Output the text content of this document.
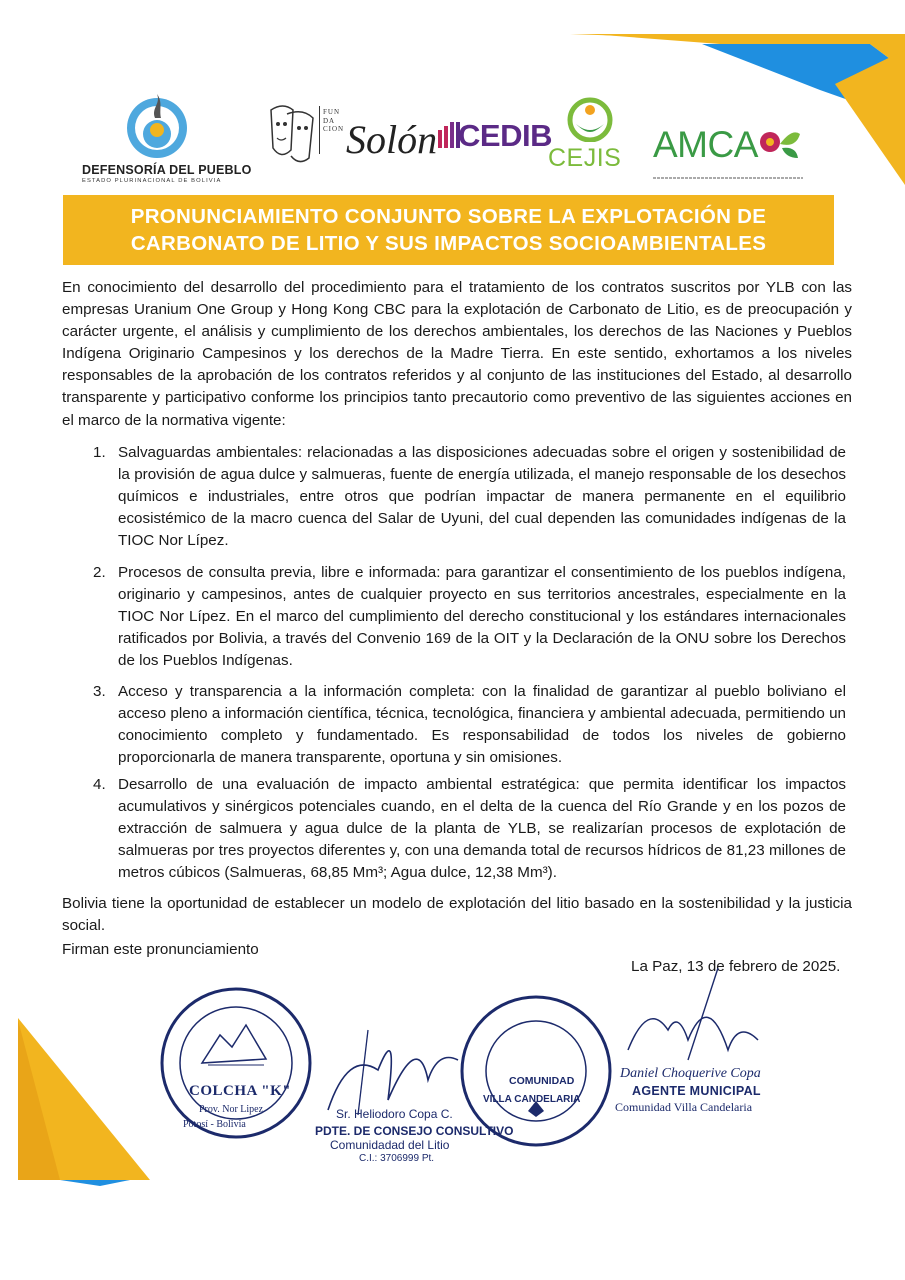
DEFENSORÍA DEL PUEBLO
ESTADO PLURINACIONAL DE BOLIVIA
FUN
DA
CION Solón CEDIB
CEJIS AMCA
PRONUNCIAMIENTO CONJUNTO SOBRE LA EXPLOTACIÓN DE
CARBONATO DE LITIO Y SUS IMPACTOS SOCIOAMBIENTALES
En conocimiento del desarrollo del procedimiento para el tratamiento de los contratos suscritos por YLB con las empresas Uranium One Group y Hong Kong CBC para la explotación de Carbonato de Litio, es de preocupación y carácter urgente, el análisis y cumplimiento de los derechos ambientales, los derechos de las Naciones y Pueblos Indígena Originario Campesinos y los derechos de la Madre Tierra. En este sentido, exhortamos a los niveles responsables de la aprobación de los contratos referidos y al conjunto de las instituciones del Estado, al desarrollo transparente y participativo conforme los principios tanto precautorio como preventivo de las siguientes acciones en el marco de la normativa vigente:
1. Salvaguardas ambientales: relacionadas a las disposiciones adecuadas sobre el origen y sostenibilidad de la provisión de agua dulce y salmueras, fuente de energía utilizada, el manejo responsable de los desechos químicos e industriales, entre otros que podrían impactar de manera permanente en el equilibrio ecosistémico de la macro cuenca del Salar de Uyuni, del cual dependen las comunidades indígenas de la TIOC Nor Lípez.
2. Procesos de consulta previa, libre e informada: para garantizar el consentimiento de los pueblos indígena, originario y campesinos, antes de cualquier proyecto en sus territorios ancestrales, especialmente en la TIOC Nor Lípez. En el marco del cumplimiento del derecho constitucional y los estándares internacionales ratificados por Bolivia, a través del Convenio 169 de la OIT y la Declaración de la ONU sobre los Derechos de los Pueblos Indígenas.
3. Acceso y transparencia a la información completa: con la finalidad de garantizar al pueblo boliviano el acceso pleno a información científica, técnica, tecnológica, financiera y ambiental adecuada, permitiendo un conocimiento completo y fundamentado. Es responsabilidad de todos los niveles de gobierno proporcionarla de manera transparente, oportuna y sin omisiones.
4. Desarrollo de una evaluación de impacto ambiental estratégica: que permita identificar los impactos acumulativos y sinérgicos potenciales cuando, en el delta de la cuenca del Río Grande y en los pozos de extracción de salmuera y agua dulce de la planta de YLB, se realizarían procesos de explotación de salmueras por tres proyectos diferentes y, con una demanda total de recursos hídricos de 81,23 millones de metros cúbicos (Salmueras, 68,85 Mm³; Agua dulce, 12,38 Mm³).
Bolivia tiene la oportunidad de establecer un modelo de explotación del litio basado en la sostenibilidad y la justicia social.
Firman este pronunciamiento
La Paz, 13 de febrero de 2025.
COLCHA "K"
Prov. Nor Lipez
Potosí - Bolivia
Sr. Heliodoro Copa C.
PDTE. DE CONSEJO CONSULTIVO
Comunidadad del Litio
C.I.: 3706999 Pt.
COMUNIDAD
VILLA CANDELARIA
Daniel Choquerive Copa
AGENTE MUNICIPAL
Comunidad Villa Candelaria
